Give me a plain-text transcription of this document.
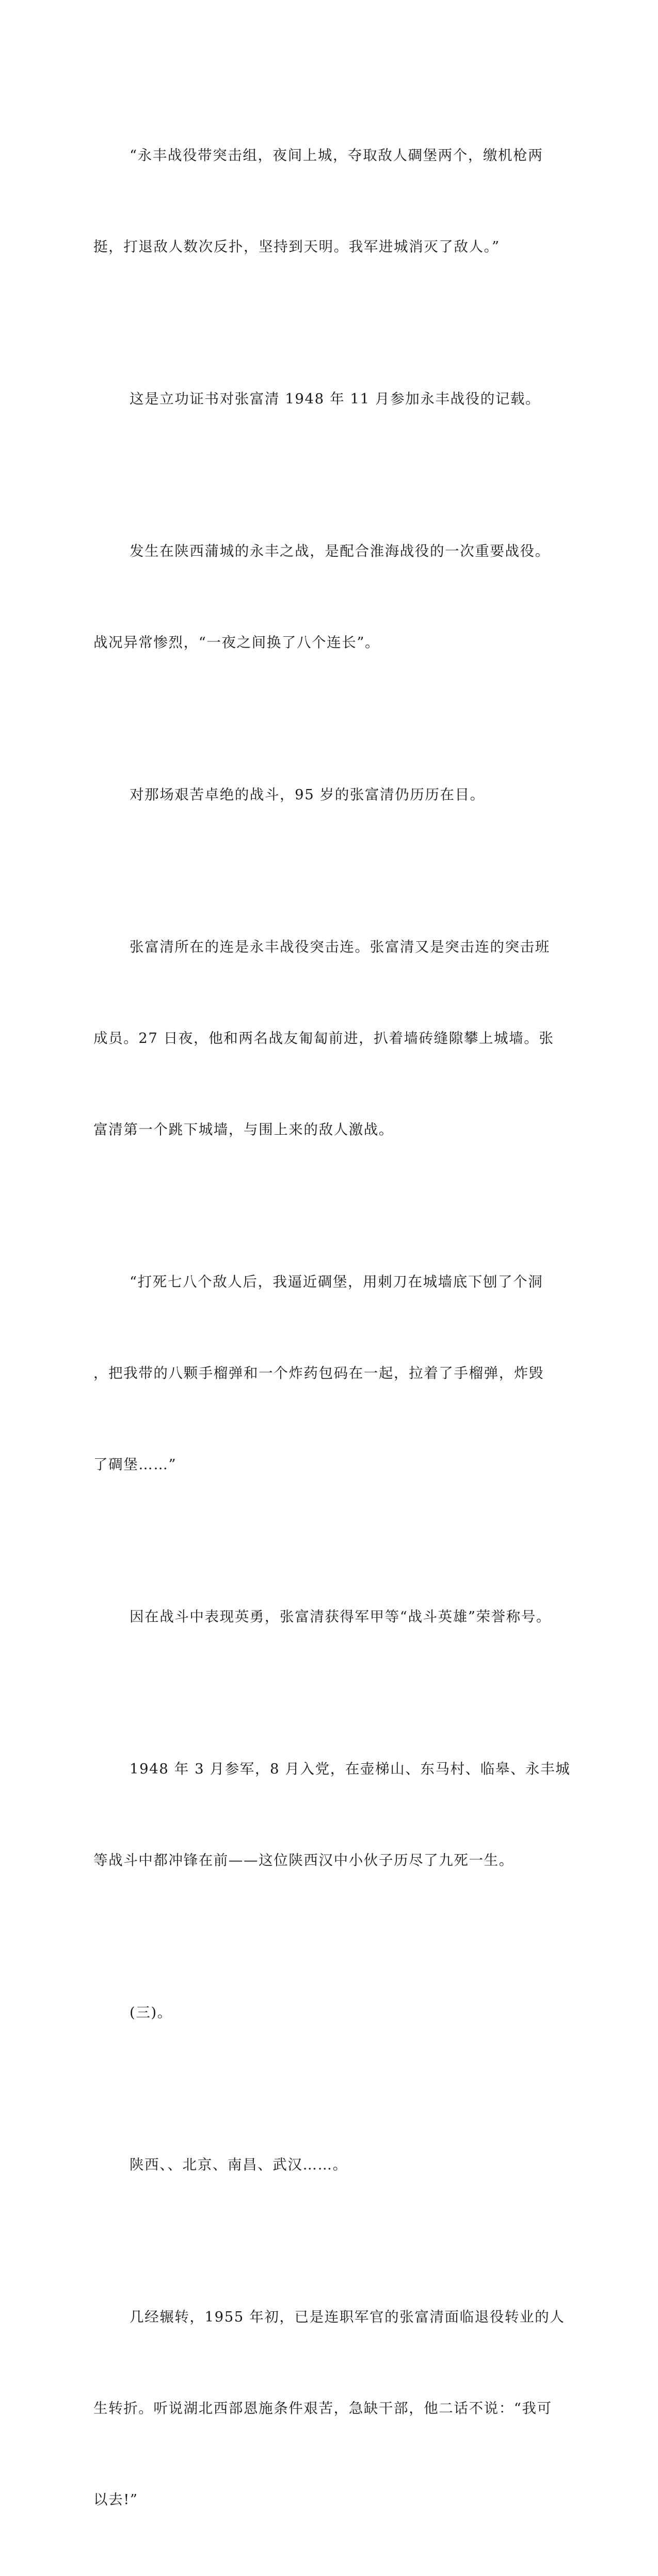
“永丰战役带突击组，夜间上城，夺取敌人碉堡两个，缴机枪两

挺，打退敌人数次反扑，坚持到天明。我军进城消灭了敌人。”

这是立功证书对张富清 1948 年 11 月参加永丰战役的记载。

发生在陕西蒲城的永丰之战，是配合淮海战役的一次重要战役。

战况异常惨烈，“一夜之间换了八个连长”。

对那场艰苦卓绝的战斗，95 岁的张富清仍历历在目。

张富清所在的连是永丰战役突击连。张富清又是突击连的突击班

成员。27 日夜，他和两名战友匍匐前进，扒着墙砖缝隙攀上城墙。张

富清第一个跳下城墙，与围上来的敌人激战。

“打死七八个敌人后，我逼近碉堡，用刺刀在城墙底下刨了个洞

，把我带的八颗手榴弹和一个炸药包码在一起，拉着了手榴弹，炸毁

了碉堡……”

因在战斗中表现英勇，张富清获得军甲等“战斗英雄”荣誉称号。

1948 年 3 月参军，8 月入党，在壶梯山、东马村、临皋、永丰城

等战斗中都冲锋在前——这位陕西汉中小伙子历尽了九死一生。

(三)。

陕西、、北京、南昌、武汉……。

几经辗转，1955 年初，已是连职军官的张富清面临退役转业的人

生转折。听说湖北西部恩施条件艰苦，急缺干部，他二话不说：“我可

以去!”
